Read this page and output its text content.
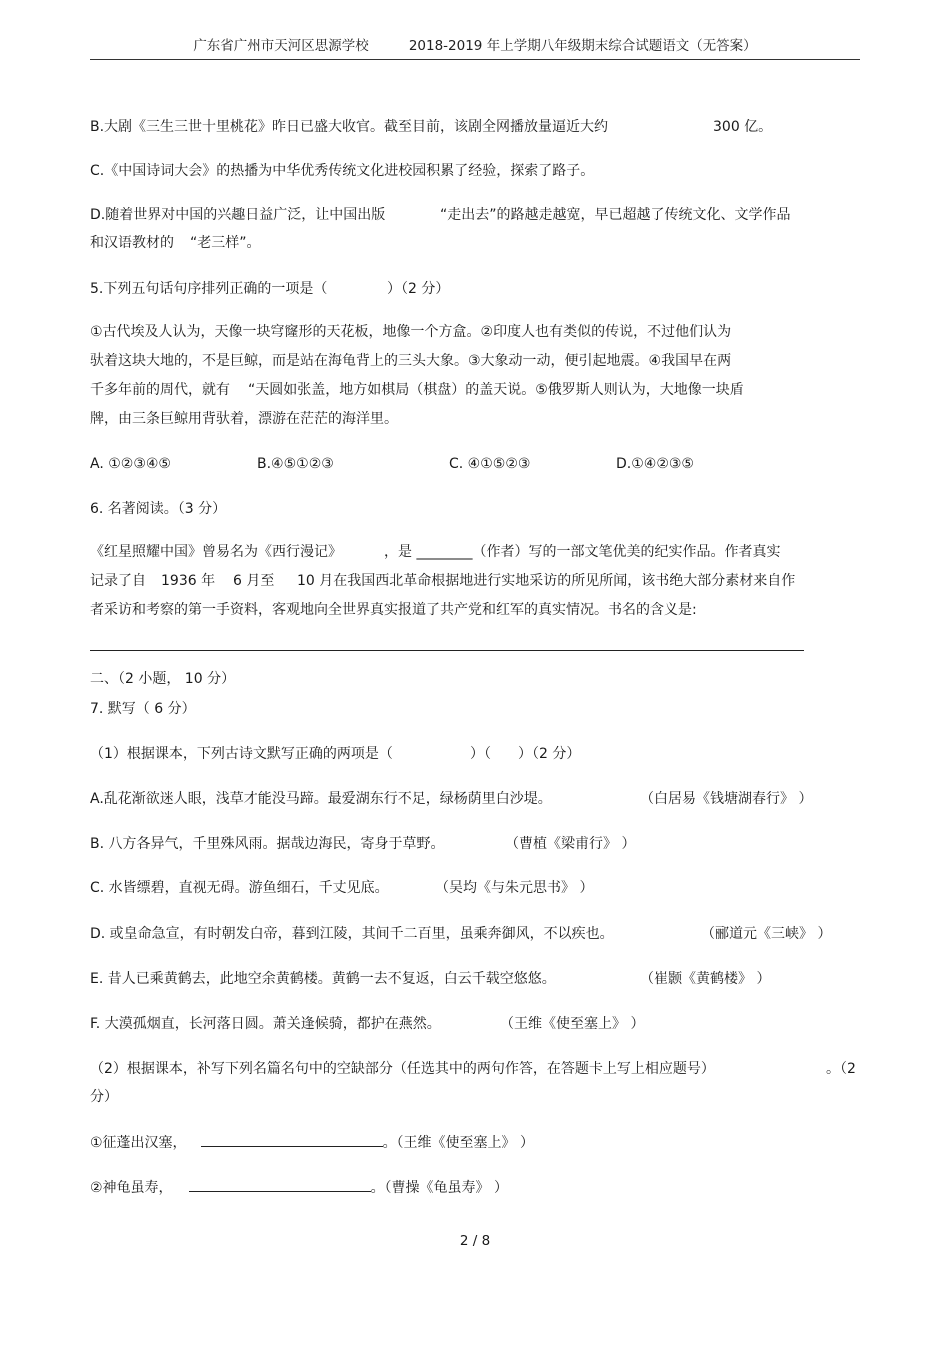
广东省广州市天河区思源学校	2018-2019 年上学期八年级期末综合试题语文（无答案）
B.大剧《三生三世十里桃花》昨日已盛大收官。截至目前，该剧全网播放量逼近大约	300 亿。
C.《中国诗词大会》的热播为中华优秀传统文化进校园积累了经验，探索了路子。
D.随着世界对中国的兴趣日益广泛，让中国出版	“走出去”的路越走越宽，早已超越了传统文化、文学作品
和汉语教材的 “老三样”。
5.下列五句话句序排列正确的一项是（	）（2 分）
①古代埃及人认为，天像一块穹窿形的天花板，地像一个方盒。②印度人也有类似的传说，不过他们认为
驮着这块大地的，不是巨鲸，而是站在海龟背上的三头大象。③大象动一动，便引起地震。④我国早在两
千多年前的周代，就有 “天圆如张盖，地方如棋局（棋盘）的盖天说。⑤俄罗斯人则认为，大地像一块盾
牌，由三条巨鲸用背驮着，漂游在茫茫的海洋里。
A. ①②③④⑤	B.④⑤①②③	C. ④①⑤②③	D.①④②③⑤
6. 名著阅读。（3 分）
《红星照耀中国》曾易名为《西行漫记》	，是 ________（作者）写的一部文笔优美的纪实作品。作者真实
记录了自 1936 年 6 月至 10 月在我国西北革命根据地进行实地采访的所见所闻，该书绝大部分素材来自作
者采访和考察的第一手资料，客观地向全世界真实报道了共产党和红军的真实情况。书名的含义是:
二、（2 小题， 10 分）
7. 默写（ 6 分）
（1）根据课本，下列古诗文默写正确的两项是（	）（ ）（2 分）
A.乱花渐欲迷人眼，浅草才能没马蹄。最爱湖东行不足，绿杨荫里白沙堤。	（白居易《钱塘湖春行》 ）
B. 八方各异气，千里殊风雨。据哉边海民，寄身于草野。	（曹植《梁甫行》 ）
C. 水皆缥碧，直视无碍。游鱼细石，千丈见底。	（吴均《与朱元思书》 ）
D. 或皇命急宣，有时朝发白帝，暮到江陵，其间千二百里，虽乘奔御风，不以疾也。	（郦道元《三峡》 ）
E. 昔人已乘黄鹤去，此地空余黄鹤楼。黄鹤一去不复返，白云千载空悠悠。	（崔颢《黄鹤楼》 ）
F. 大漠孤烟直，长河落日圆。萧关逢候骑，都护在燕然。	（王维《使至塞上》 ）
（2）根据课本，补写下列名篇名句中的空缺部分（任选其中的两句作答，在答题卡上写上相应题号）	。（2
分）
①征蓬出汉塞，	。（王维《使至塞上》 ）
②神龟虽寿，	。（曹操《龟虽寿》 ）
2 / 8
